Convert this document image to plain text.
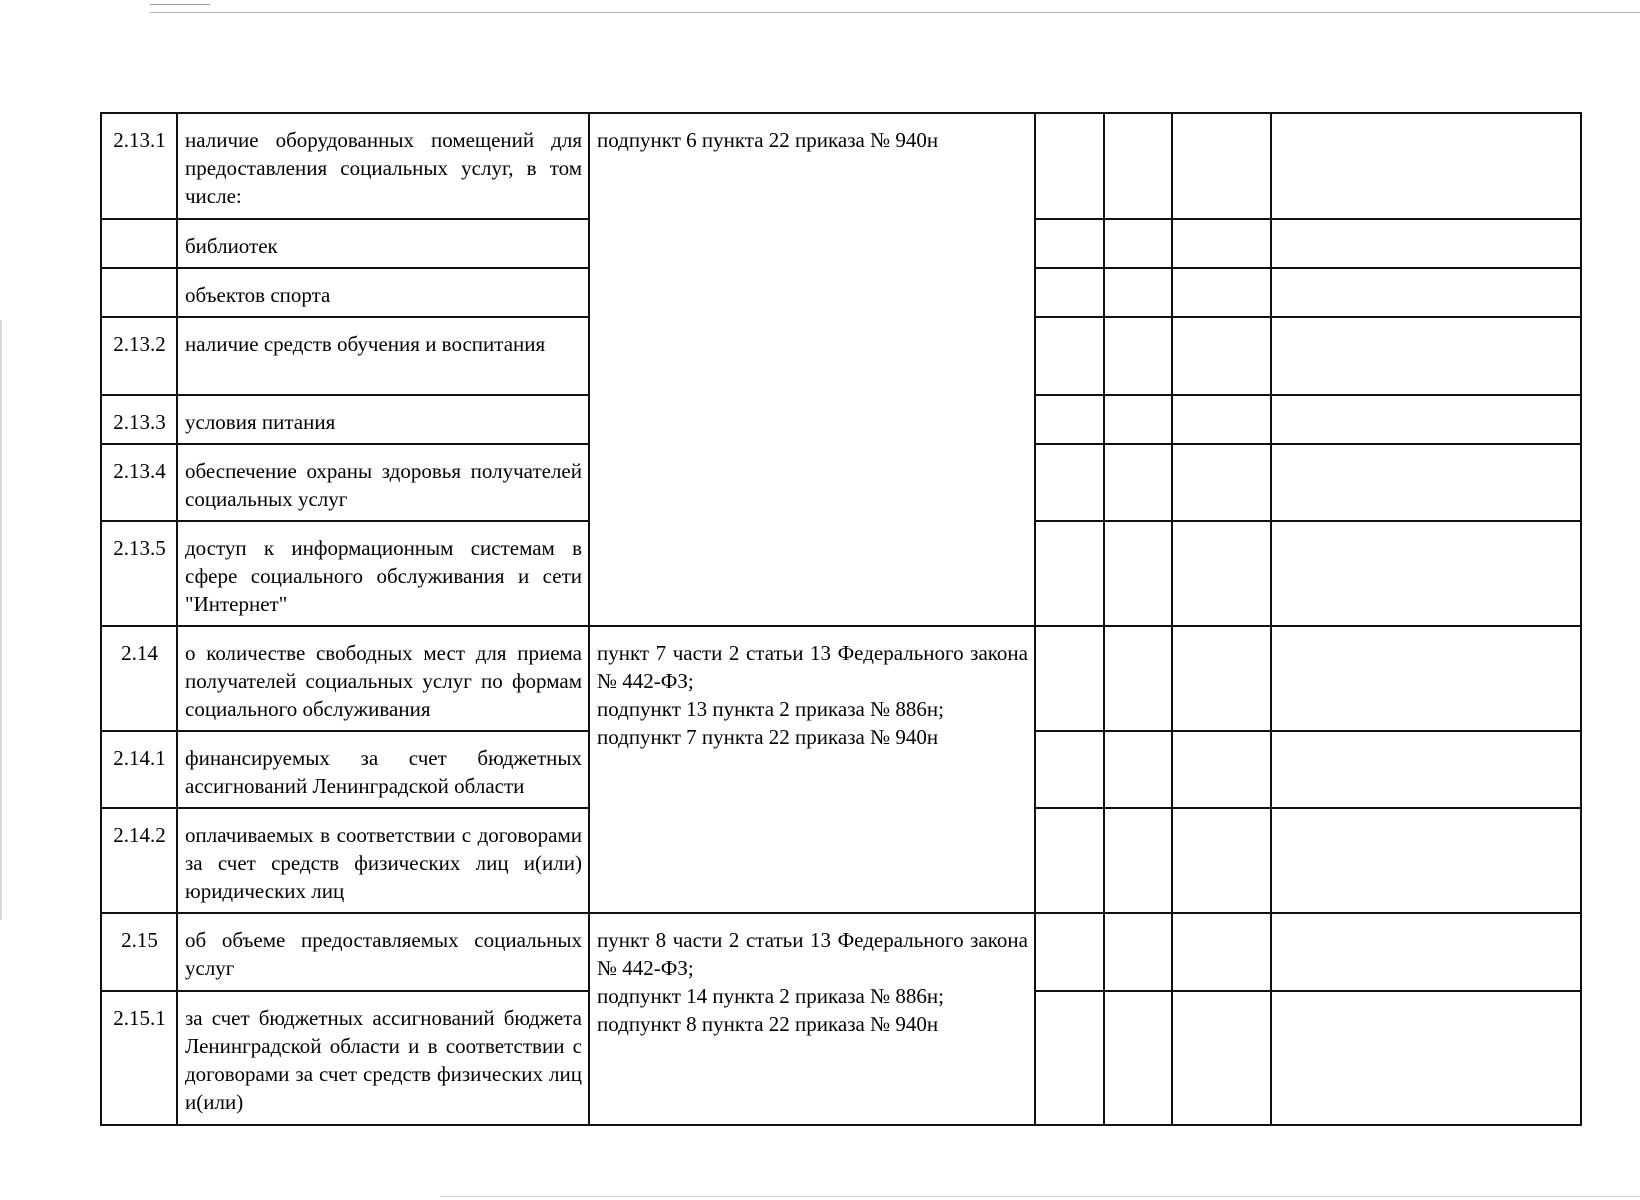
2.13.1	наличие оборудованных помещений для предоставления социальных услуг, в том числе:	подпункт 6 пункта 22 приказа № 940н				

	библиотек					
	объектов спорта					
2.13.2	наличие средств обучения и воспитания					
2.13.3	условия питания					
2.13.4	обеспечение охраны здоровья получателей социальных услуг					
2.13.5	доступ к информационным системам в сфере социального обслуживания и сети "Интернет"					
2.14	о количестве свободных мест для приема получателей социальных услуг по формам социального обслуживания	пункт 7 части 2 статьи 13 Федерального закона № 442-ФЗ;

подпункт 13 пункта 2 приказа № 886н;

подпункт 7 пункта 22 приказа № 940н				

2.14.1	финансируемых за счет бюджетных ассигнований Ленинградской области					
2.14.2	оплачиваемых в соответствии с договорами за счет средств физических лиц и(или) юридических лиц					
2.15	об объеме предоставляемых социальных услуг	пункт 8 части 2 статьи 13 Федерального закона № 442-ФЗ;

подпункт 14 пункта 2 приказа № 886н;

подпункт 8 пункта 22 приказа № 940н				

2.15.1	за счет бюджетных ассигнований бюджета Ленинградской области и в соответствии с договорами за счет средств физических лиц и(или)					
